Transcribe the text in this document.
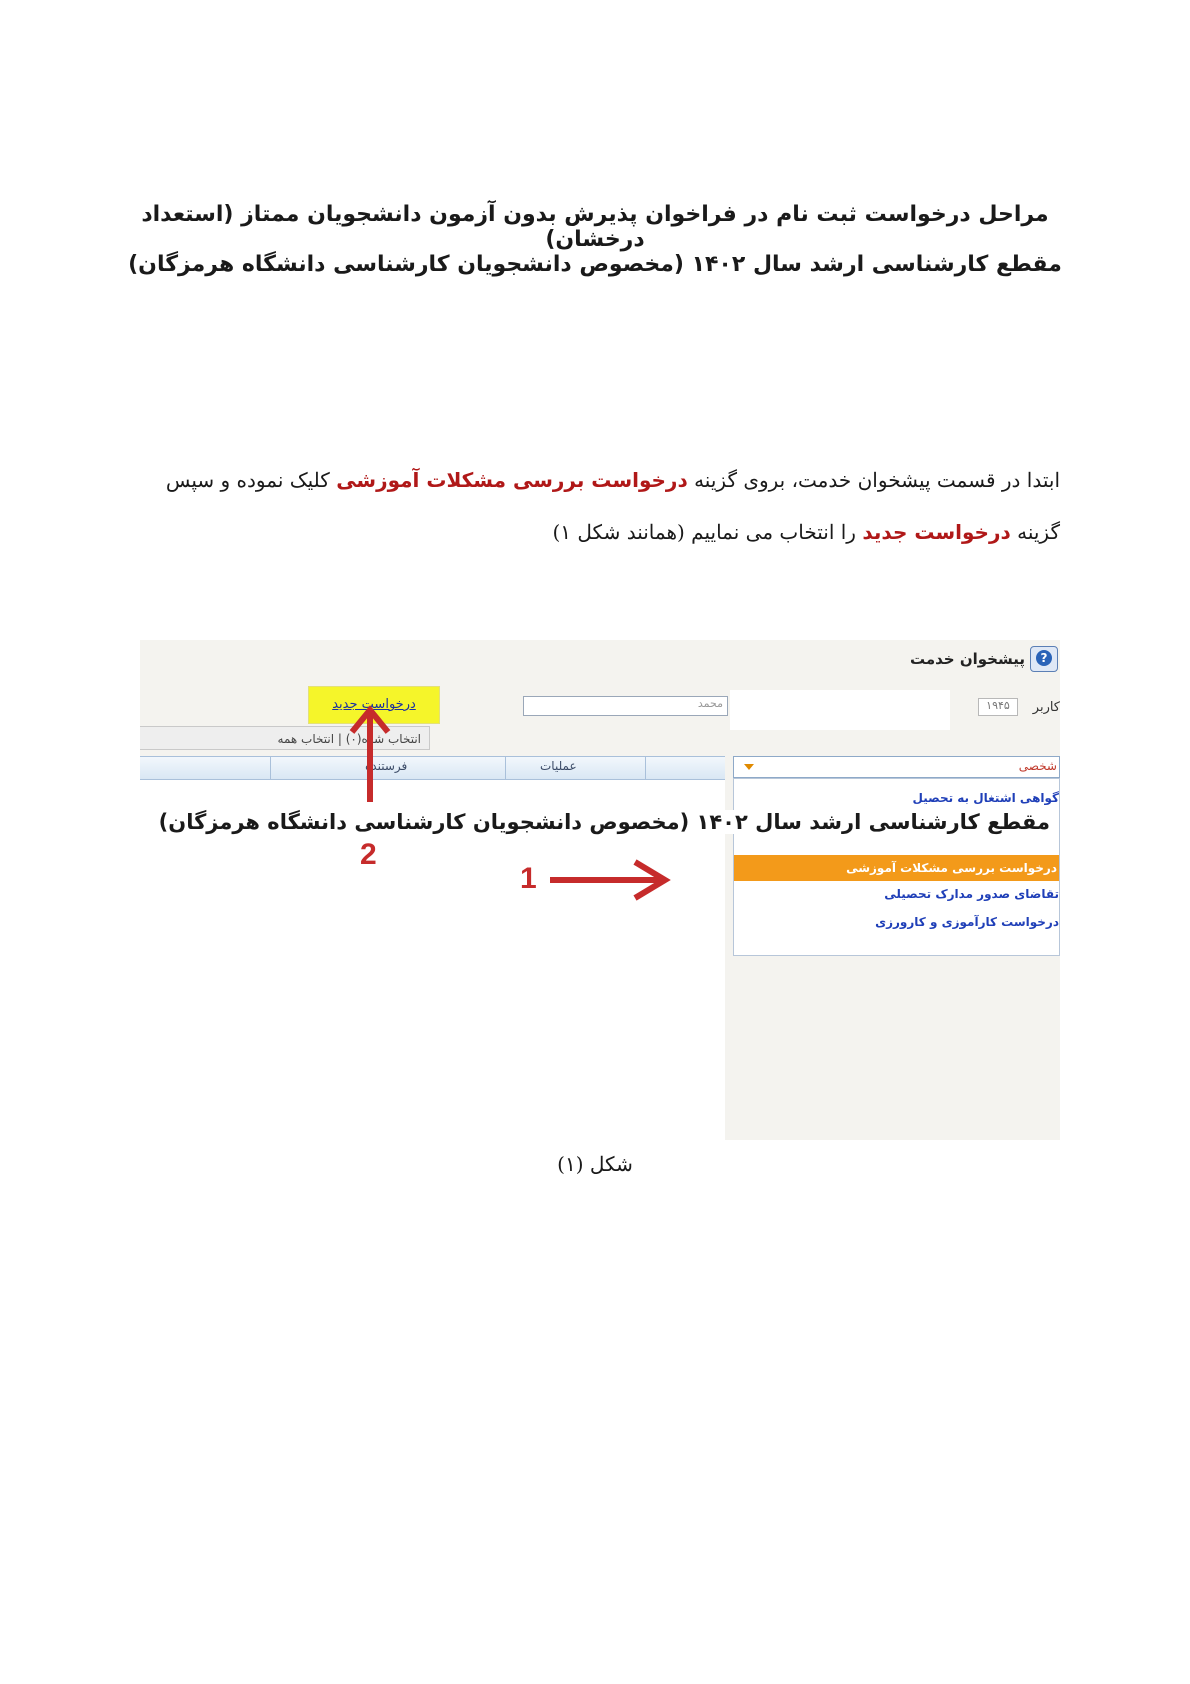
مراحل درخواست ثبت نام در فراخوان پذیرش بدون آزمون دانشجویان ممتاز (استعداد درخشان)
مقطع کارشناسی ارشد سال ۱۴۰۲ (مخصوص دانشجویان کارشناسی دانشگاه هرمزگان)
ابتدا در قسمت پیشخوان خدمت، بروی گزینه درخواست بررسی مشکلات آموزشی کلیک نموده و سپس
گزینه درخواست جدید را انتخاب می نماییم (همانند شکل ۱)
?
پیشخوان خدمت
کاربر
۱۹۴۵
محمد
درخواست جدید
انتخاب شده(۰) | انتخاب همه
عملیات
فرستنده	شخصی
گواهی اشتغال به تحصیل
درخواست بررسی مشکلات آموزشی
تقاضای صدور مدارک تحصیلی
درخواست کارآموزی و کارورزی
مقطع کارشناسی ارشد سال ۱۴۰۲ (مخصوص دانشجویان کارشناسی دانشگاه هرمزگان)
2
1
شکل (۱)
